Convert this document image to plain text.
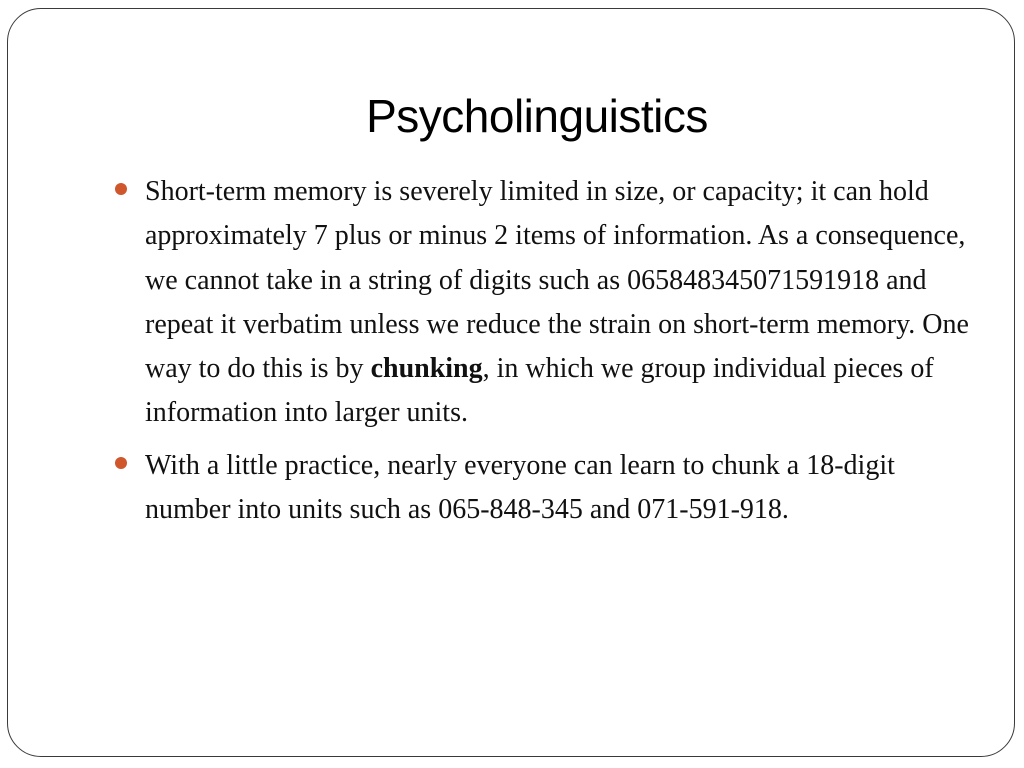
Psycholinguistics
Short-term memory is severely limited in size, or capacity; it can hold approximately 7 plus or minus 2 items of information. As a consequence, we cannot take in a string of digits such as 065848345071591918 and repeat it verbatim unless we reduce the strain on short-term memory. One way to do this is by chunking, in which we group individual pieces of information into larger units.
With a little practice, nearly everyone can learn to chunk a 18-digit number into units such as 065-848-345 and 071-591-918.
